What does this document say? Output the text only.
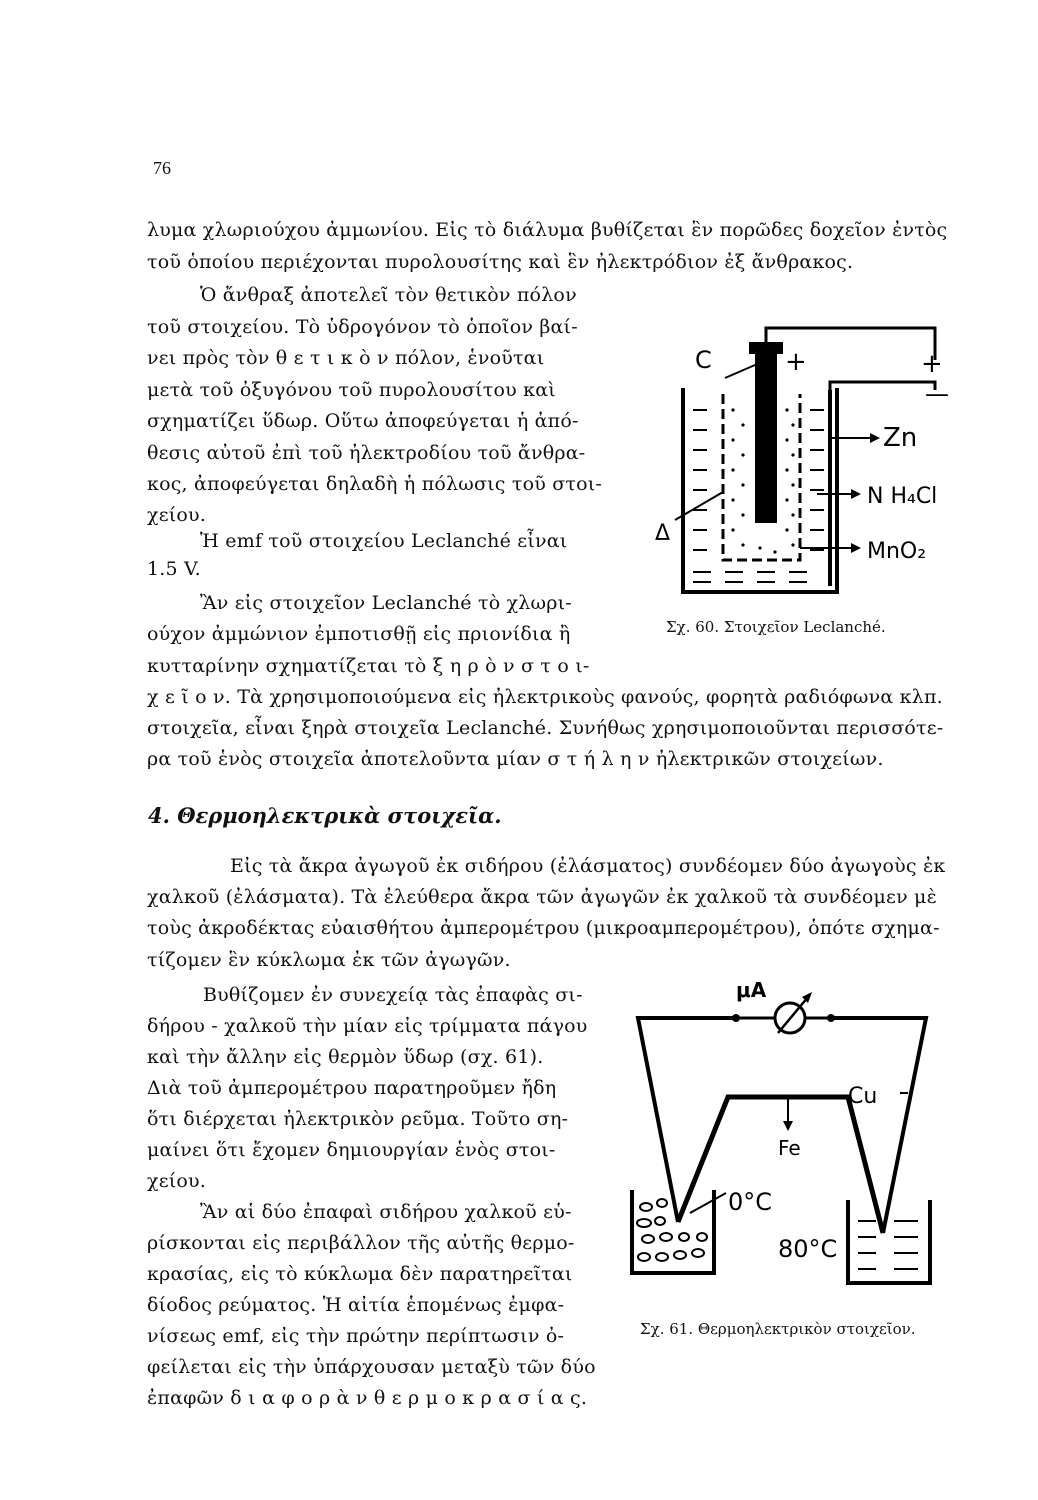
76
λυμα χλωριούχου ἀμμωνίου. Εἰς τὸ διάλυμα βυθίζεται ἓν πορῶδες δοχεῖον ἐντὸς
τοῦ ὁποίου περιέχονται πυρολουσίτης καὶ ἓν ἠλεκτρόδιον ἐξ ἄνθρακος.
Ὁ ἄνθραξ ἀποτελεῖ τὸν θετικὸν πόλον
τοῦ στοιχείου. Τὸ ὑδρογόνον τὸ ὁποῖον βαί-
νει πρὸς τὸν θ ε τ ι κ ὸ ν πόλον, ἑνοῦται
μετὰ τοῦ ὀξυγόνου τοῦ πυρολουσίτου καὶ
σχηματίζει ὕδωρ. Οὕτω ἀποφεύγεται ἡ ἀπό-
θεσις αὐτοῦ ἐπὶ τοῦ ἠλεκτροδίου τοῦ ἄνθρα-
κος, ἀποφεύγεται δηλαδὴ ἡ πόλωσις τοῦ στοι-
χείου.
Ἡ emf τοῦ στοιχείου Leclanché εἶναι
1.5 V.
Ἂν εἰς στοιχεῖον Leclanché τὸ χλωρι-
ούχον ἀμμώνιον ἐμποτισθῇ εἰς πριονίδια ἢ
κυτταρίνην σχηματίζεται τὸ ξ η ρ ὸ ν σ τ ο ι-
χ ε ῖ ο ν. Τὰ χρησιμοποιούμενα εἰς ἠλεκτρικοὺς φανούς, φορητὰ ραδιόφωνα κλπ.
στοιχεῖα, εἶναι ξηρὰ στοιχεῖα Leclanché. Συνήθως χρησιμοποιοῦνται περισσότε-
ρα τοῦ ἑνὸς στοιχεῖα ἀποτελοῦντα μίαν σ τ ή λ η ν ἠλεκτρικῶν στοιχείων.
C	+	+
—
Zn
N H₄Cl
MnO₂
Δ
Σχ. 60. Στοιχεῖον Leclanché.
4. Θερμοηλεκτρικὰ στοιχεῖα.
Εἰς τὰ ἄκρα ἀγωγοῦ ἐκ σιδήρου (ἐλάσματος) συνδέομεν δύο ἀγωγοὺς ἐκ
χαλκοῦ (ἐλάσματα). Τὰ ἐλεύθερα ἄκρα τῶν ἀγωγῶν ἐκ χαλκοῦ τὰ συνδέομεν μὲ
τοὺς ἀκροδέκτας εὐαισθήτου ἀμπερομέτρου (μικροαμπερομέτρου), ὁπότε σχημα-
τίζομεν ἓν κύκλωμα ἐκ τῶν ἀγωγῶν.
Βυθίζομεν ἐν συνεχείᾳ τὰς ἐπαφὰς σι-
δήρου - χαλκοῦ τὴν μίαν εἰς τρίμματα πάγου
καὶ τὴν ἄλλην εἰς θερμὸν ὕδωρ (σχ. 61).
Διὰ τοῦ ἀμπερομέτρου παρατηροῦμεν ἤδη
ὅτι διέρχεται ἠλεκτρικὸν ρεῦμα. Τοῦτο ση-
μαίνει ὅτι ἔχομεν δημιουργίαν ἑνὸς στοι-
χείου.
Ἂν αἱ δύο ἐπαφαὶ σιδήρου χαλκοῦ εὑ-
ρίσκονται εἰς περιβάλλον τῆς αὐτῆς θερμο-
κρασίας, εἰς τὸ κύκλωμα δὲν παρατηρεῖται
δίοδος ρεύματος. Ἡ αἰτία ἑπομένως ἐμφα-
νίσεως emf, εἰς τὴν πρώτην περίπτωσιν ὀ-
φείλεται εἰς τὴν ὑπάρχουσαν μεταξὺ τῶν δύο
ἐπαφῶν δ ι α φ ο ρ ὰ ν θ ε ρ μ ο κ ρ α σ ί α ς.
μA
Cu
Fe
0°C
80°C
Σχ. 61. Θερμοηλεκτρικὸν στοιχεῖον.
